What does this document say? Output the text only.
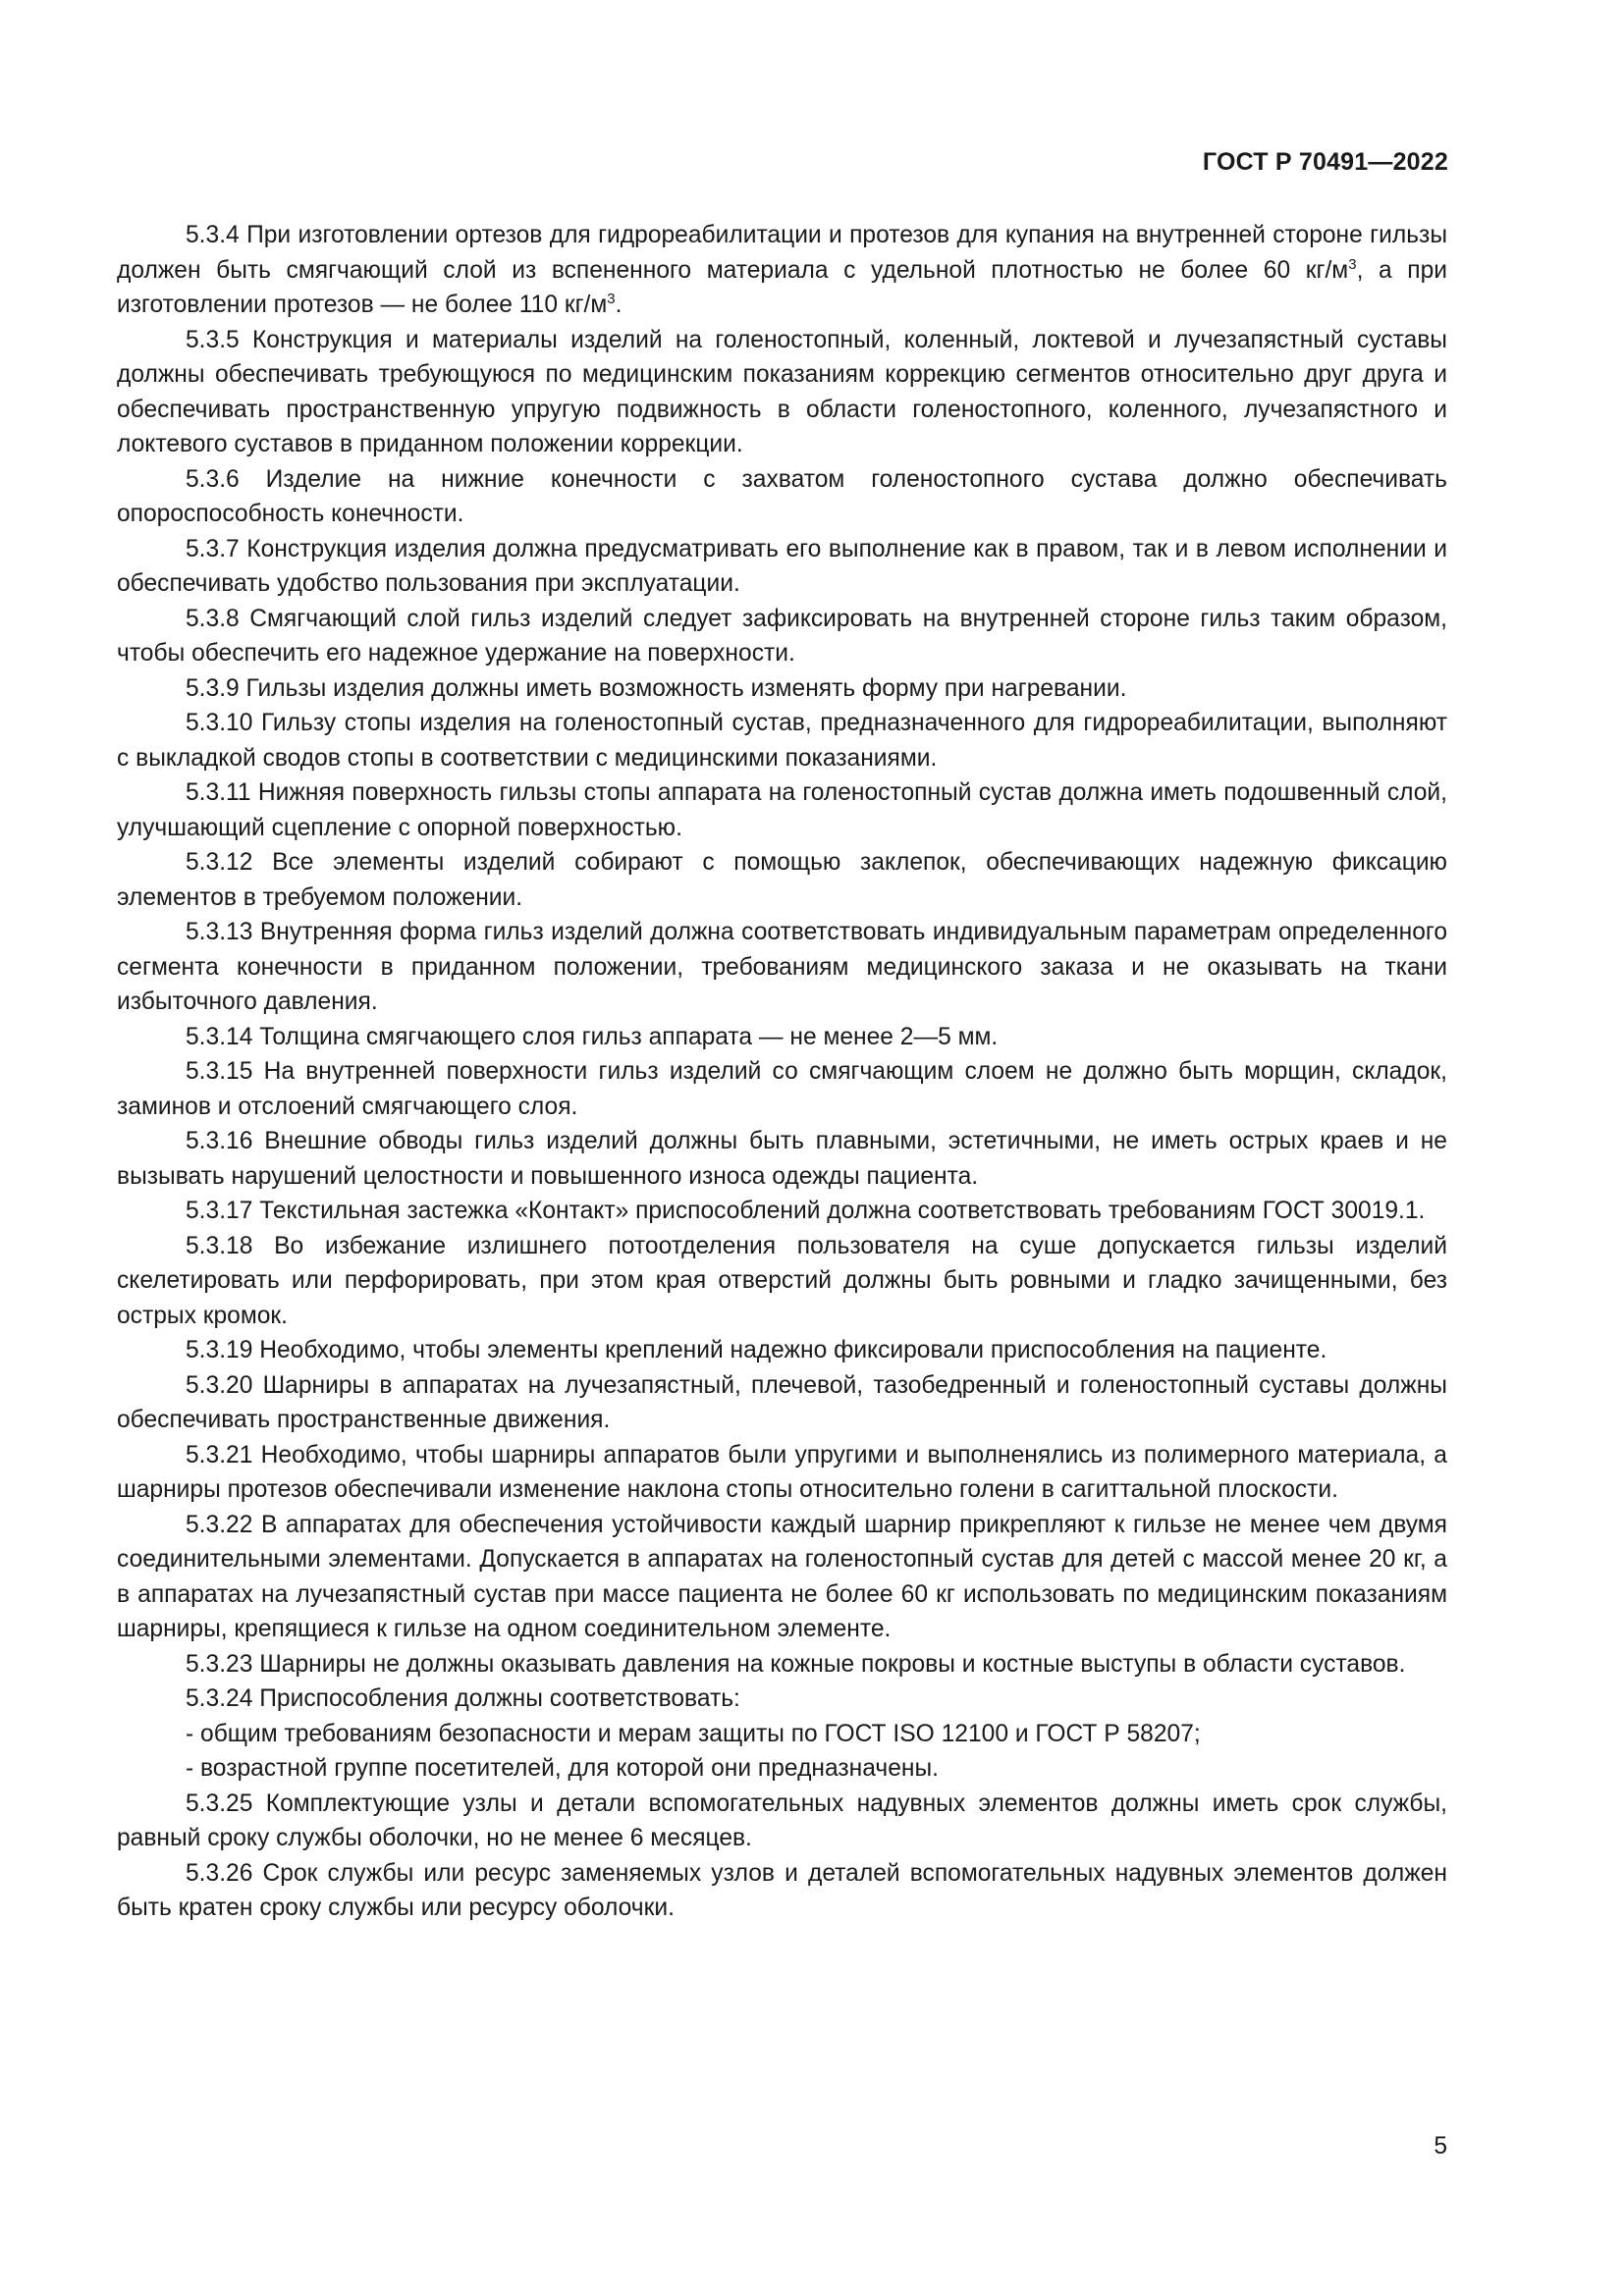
ГОСТ Р 70491—2022

5.3.4 При изготовлении ортезов для гидрореабилитации и протезов для купания на внутренней стороне гильзы должен быть смягчающий слой из вспененного материала с удельной плотностью не более 60 $кг/м^3$, а при изготовлении протезов — не более 110 $кг/м^3$.

5.3.5 Конструкция и материалы изделий на голеностопный, коленный, локтевой и лучезапястный суставы должны обеспечивать требующуюся по медицинским показаниям коррекцию сегментов относительно друг друга и обеспечивать пространственную упругую подвижность в области голеностопного, коленного, лучезапястного и локтевого суставов в приданном положении коррекции.

5.3.6 Изделие на нижние конечности с захватом голеностопного сустава должно обеспечивать опороспособность конечности.

5.3.7 Конструкция изделия должна предусматривать его выполнение как в правом, так и в левом исполнении и обеспечивать удобство пользования при эксплуатации.

5.3.8 Смягчающий слой гильз изделий следует зафиксировать на внутренней стороне гильз таким образом, чтобы обеспечить его надежное удержание на поверхности.

5.3.9 Гильзы изделия должны иметь возможность изменять форму при нагревании.

5.3.10 Гильзу стопы изделия на голеностопный сустав, предназначенного для гидрореабилитации, выполняют с выкладкой сводов стопы в соответствии с медицинскими показаниями.

5.3.11 Нижняя поверхность гильзы стопы аппарата на голеностопный сустав должна иметь подошвенный слой, улучшающий сцепление с опорной поверхностью.

5.3.12 Все элементы изделий собирают с помощью заклепок, обеспечивающих надежную фиксацию элементов в требуемом положении.

5.3.13 Внутренняя форма гильз изделий должна соответствовать индивидуальным параметрам определенного сегмента конечности в приданном положении, требованиям медицинского заказа и не оказывать на ткани избыточного давления.

5.3.14 Толщина смягчающего слоя гильз аппарата — не менее 2—5 мм.

5.3.15 На внутренней поверхности гильз изделий со смягчающим слоем не должно быть морщин, складок, заминов и отслоений смягчающего слоя.

5.3.16 Внешние обводы гильз изделий должны быть плавными, эстетичными, не иметь острых краев и не вызывать нарушений целостности и повышенного износа одежды пациента.

5.3.17 Текстильная застежка «Контакт» приспособлений должна соответствовать требованиям ГОСТ 30019.1.

5.3.18 Во избежание излишнего потоотделения пользователя на суше допускается гильзы изделий скелетировать или перфорировать, при этом края отверстий должны быть ровными и гладко зачищенными, без острых кромок.

5.3.19 Необходимо, чтобы элементы креплений надежно фиксировали приспособления на пациенте.

5.3.20 Шарниры в аппаратах на лучезапястный, плечевой, тазобедренный и голеностопный суставы должны обеспечивать пространственные движения.

5.3.21 Необходимо, чтобы шарниры аппаратов были упругими и выполненялись из полимерного материала, а шарниры протезов обеспечивали изменение наклона стопы относительно голени в сагиттальной плоскости.

5.3.22 В аппаратах для обеспечения устойчивости каждый шарнир прикрепляют к гильзе не менее чем двумя соединительными элементами. Допускается в аппаратах на голеностопный сустав для детей с массой менее 20 кг, а в аппаратах на лучезапястный сустав при массе пациента не более 60 кг использовать по медицинским показаниям шарниры, крепящиеся к гильзе на одном соединительном элементе.

5.3.23 Шарниры не должны оказывать давления на кожные покровы и костные выступы в области суставов.

5.3.24 Приспособления должны соответствовать:

- общим требованиям безопасности и мерам защиты по ГОСТ ISO 12100 и ГОСТ Р 58207;

- возрастной группе посетителей, для которой они предназначены.

5.3.25 Комплектующие узлы и детали вспомогательных надувных элементов должны иметь срок службы, равный сроку службы оболочки, но не менее 6 месяцев.

5.3.26 Срок службы или ресурс заменяемых узлов и деталей вспомогательных надувных элементов должен быть кратен сроку службы или ресурсу оболочки.

5
